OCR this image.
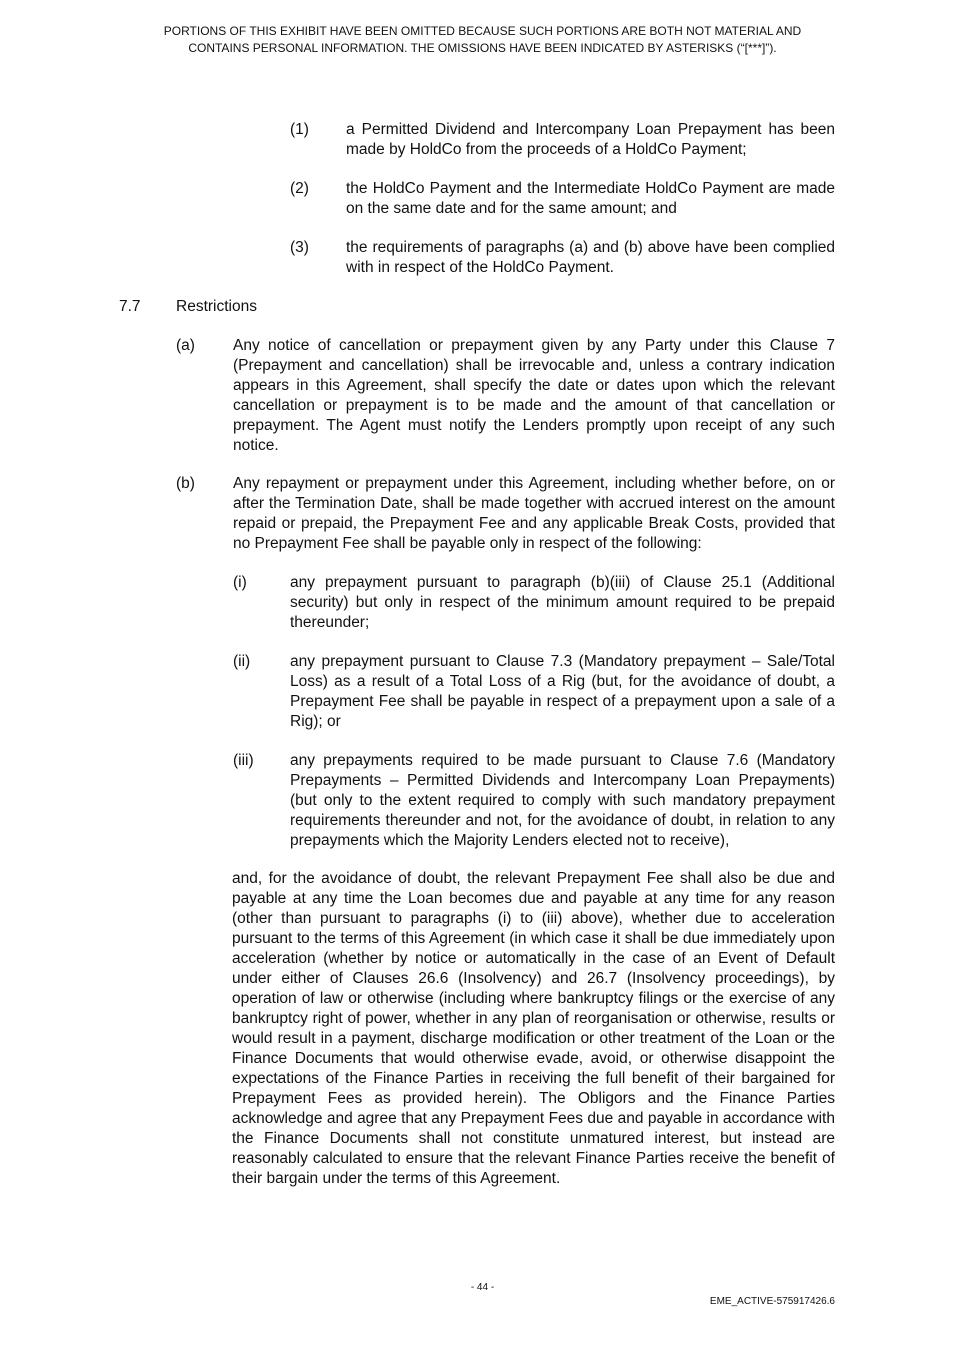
PORTIONS OF THIS EXHIBIT HAVE BEEN OMITTED BECAUSE SUCH PORTIONS ARE BOTH NOT MATERIAL AND
CONTAINS PERSONAL INFORMATION. THE OMISSIONS HAVE BEEN INDICATED BY ASTERISKS (“[***]”).
(1) a Permitted Dividend and Intercompany Loan Prepayment has been made by HoldCo from the proceeds of a HoldCo Payment;
(2) the HoldCo Payment and the Intermediate HoldCo Payment are made on the same date and for the same amount; and
(3) the requirements of paragraphs (a) and (b) above have been complied with in respect of the HoldCo Payment.
7.7 Restrictions
(a) Any notice of cancellation or prepayment given by any Party under this Clause 7 (Prepayment and cancellation) shall be irrevocable and, unless a contrary indication appears in this Agreement, shall specify the date or dates upon which the relevant cancellation or prepayment is to be made and the amount of that cancellation or prepayment. The Agent must notify the Lenders promptly upon receipt of any such notice.
(b) Any repayment or prepayment under this Agreement, including whether before, on or after the Termination Date, shall be made together with accrued interest on the amount repaid or prepaid, the Prepayment Fee and any applicable Break Costs, provided that no Prepayment Fee shall be payable only in respect of the following:
(i)	any prepayment pursuant to paragraph (b)(iii) of Clause 25.1 (Additional security) but only in respect of the minimum amount required to be prepaid thereunder;
(ii)	any prepayment pursuant to Clause 7.3 (Mandatory prepayment – Sale/Total Loss) as a result of a Total Loss of a Rig (but, for the avoidance of doubt, a Prepayment Fee shall be payable in respect of a prepayment upon a sale of a Rig); or
(iii) any prepayments required to be made pursuant to Clause 7.6 (Mandatory Prepayments – Permitted Dividends and Intercompany Loan Prepayments) (but only to the extent required to comply with such mandatory prepayment requirements thereunder and not, for the avoidance of doubt, in relation to any prepayments which the Majority Lenders elected not to receive),
and, for the avoidance of doubt, the relevant Prepayment Fee shall also be due and payable at any time the Loan becomes due and payable at any time for any reason (other than pursuant to paragraphs (i) to (iii) above), whether due to acceleration pursuant to the terms of this Agreement (in which case it shall be due immediately upon acceleration (whether by notice or automatically in the case of an Event of Default under either of Clauses 26.6 (Insolvency) and 26.7 (Insolvency proceedings), by operation of law or otherwise (including where bankruptcy filings or the exercise of any bankruptcy right of power, whether in any plan of reorganisation or otherwise, results or would result in a payment, discharge modification or other treatment of the Loan or the Finance Documents that would otherwise evade, avoid, or otherwise disappoint the expectations of the Finance Parties in receiving the full benefit of their bargained for Prepayment Fees as provided herein). The Obligors and the Finance Parties acknowledge and agree that any Prepayment Fees due and payable in accordance with the Finance Documents shall not constitute unmatured interest, but instead are reasonably calculated to ensure that the relevant Finance Parties receive the benefit of their bargain under the terms of this Agreement.
- 44 -
EME_ACTIVE-575917426.6
